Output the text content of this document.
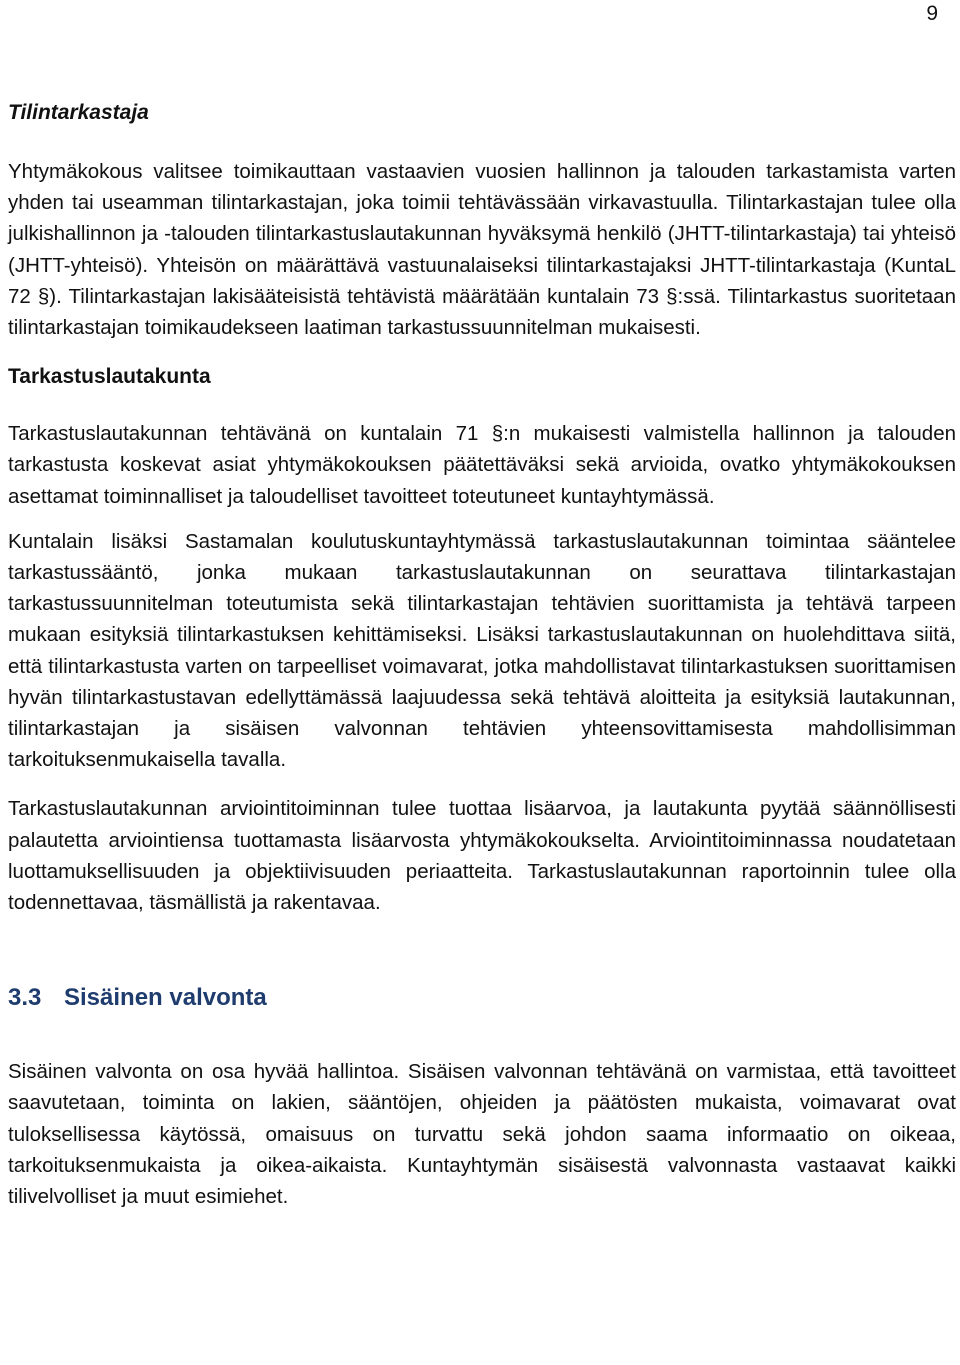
9
Tilintarkastaja

Yhtymäkokous valitsee toimikauttaan vastaavien vuosien hallinnon ja talouden tarkastamista varten yhden tai useamman tilintarkastajan, joka toimii tehtävässään virkavastuulla. Tilintarkastajan tulee olla julkishallinnon ja -talouden tilintarkastuslautakunnan hyväksymä henkilö (JHTT-tilintarkastaja) tai yhteisö (JHTT-yhteisö). Yhteisön on määrättävä vastuunalaiseksi tilintarkastajaksi JHTT-tilintarkastaja (KuntaL 72 §). Tilintarkastajan lakisääteisistä tehtävistä määrätään kuntalain 73 §:ssä. Tilintarkastus suoritetaan tilintarkastajan toimikaudekseen laatiman tarkastussuunnitelman mukaisesti.

Tarkastuslautakunta

Tarkastuslautakunnan tehtävänä on kuntalain 71 §:n mukaisesti valmistella hallinnon ja talouden tarkastusta koskevat asiat yhtymäkokouksen päätettäväksi sekä arvioida, ovatko yhtymäkokouksen asettamat toiminnalliset ja taloudelliset tavoitteet toteutuneet kuntayhtymässä.

Kuntalain lisäksi Sastamalan koulutuskuntayhtymässä tarkastuslautakunnan toimintaa sääntelee tarkastussääntö, jonka mukaan tarkastuslautakunnan on seurattava tilintarkastajan tarkastussuunnitelman toteutumista sekä tilintarkastajan tehtävien suorittamista ja tehtävä tarpeen mukaan esityksiä tilintarkastuksen kehittämiseksi. Lisäksi tarkastuslautakunnan on huolehdittava siitä, että tilintarkastusta varten on tarpeelliset voimavarat, jotka mahdollistavat tilintarkastuksen suorittamisen hyvän tilintarkastustavan edellyttämässä laajuudessa sekä tehtävä aloitteita ja esityksiä lautakunnan, tilintarkastajan ja sisäisen valvonnan tehtävien yhteensovittamisesta mahdollisimman tarkoituksenmukaisella tavalla.

Tarkastuslautakunnan arviointitoiminnan tulee tuottaa lisäarvoa, ja lautakunta pyytää säännöllisesti palautetta arviointiensa tuottamasta lisäarvosta yhtymäkokoukselta. Arviointitoiminnassa noudatetaan luottamuksellisuuden ja objektiivisuuden periaatteita. Tarkastuslautakunnan raportoinnin tulee olla todennettavaa, täsmällistä ja rakentavaa.

3.3 Sisäinen valvonta

Sisäinen valvonta on osa hyvää hallintoa. Sisäisen valvonnan tehtävänä on varmistaa, että tavoitteet saavutetaan, toiminta on lakien, sääntöjen, ohjeiden ja päätösten mukaista, voimavarat ovat tuloksellisessa käytössä, omaisuus on turvattu sekä johdon saama informaatio on oikeaa, tarkoituksenmukaista ja oikea-aikaista. Kuntayhtymän sisäisestä valvonnasta vastaavat kaikki tilivelvolliset ja muut esimiehet.
